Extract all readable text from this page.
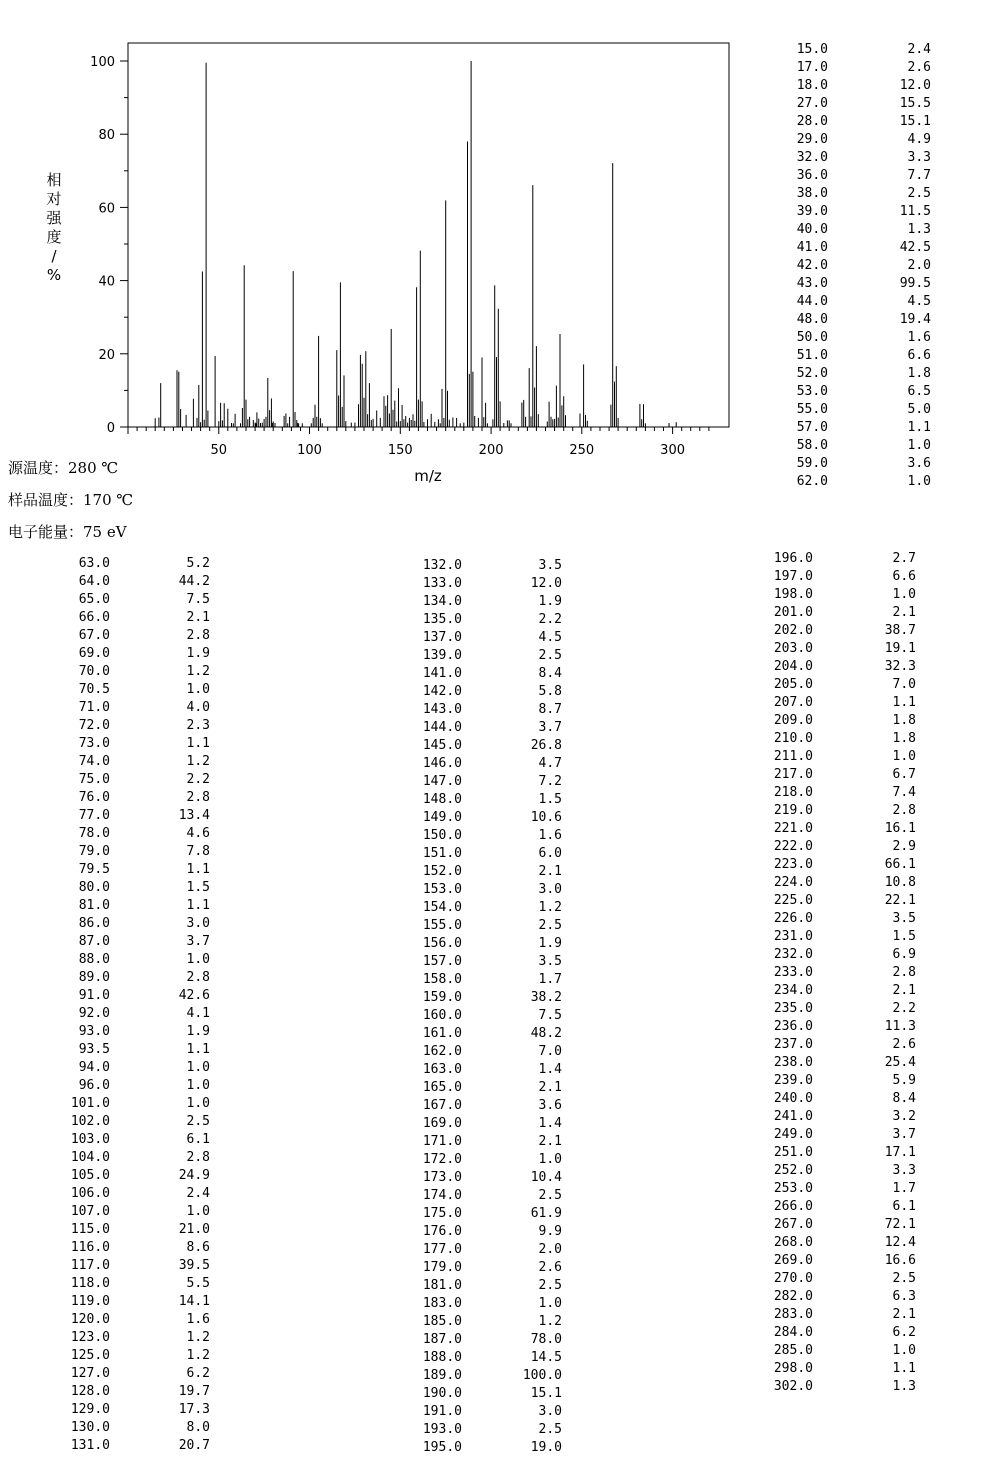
50	100	150	200	250	300
0
20
40
60
80
100
m/z
相对强度/ %
源温度：280 ℃
样品温度：170 ℃
电子能量：75 eV
15.0	2.4
17.0	2.6
18.0	12.0
27.0	15.5
28.0	15.1
29.0	4.9
32.0	3.3
36.0	7.7
38.0	2.5
39.0	11.5
40.0	1.3
41.0	42.5
42.0	2.0
43.0	99.5
44.0	4.5
48.0	19.4
50.0	1.6
51.0	6.6
52.0	1.8
53.0	6.5
55.0	5.0
57.0	1.1
58.0	1.0
59.0	3.6
62.0	1.0
63.0	5.2
64.0	44.2
65.0	7.5
66.0	2.1
67.0	2.8
69.0	1.9
70.0	1.2
70.5	1.0
71.0	4.0
72.0	2.3
73.0	1.1
74.0	1.2
75.0	2.2
76.0	2.8
77.0	13.4
78.0	4.6
79.0	7.8
79.5	1.1
80.0	1.5
81.0	1.1
86.0	3.0
87.0	3.7
88.0	1.0
89.0	2.8
91.0	42.6
92.0	4.1
93.0	1.9
93.5	1.1
94.0	1.0
96.0	1.0
101.0	1.0
102.0	2.5
103.0	6.1
104.0	2.8
105.0	24.9
106.0	2.4
107.0	1.0
115.0	21.0
116.0	8.6
117.0	39.5
118.0	5.5
119.0	14.1
120.0	1.6
123.0	1.2
125.0	1.2
127.0	6.2
128.0	19.7
129.0	17.3
130.0	8.0
131.0	20.7
132.0	3.5
133.0	12.0
134.0	1.9
135.0	2.2
137.0	4.5
139.0	2.5
141.0	8.4
142.0	5.8
143.0	8.7
144.0	3.7
145.0	26.8
146.0	4.7
147.0	7.2
148.0	1.5
149.0	10.6
150.0	1.6
151.0	6.0
152.0	2.1
153.0	3.0
154.0	1.2
155.0	2.5
156.0	1.9
157.0	3.5
158.0	1.7
159.0	38.2
160.0	7.5
161.0	48.2
162.0	7.0
163.0	1.4
165.0	2.1
167.0	3.6
169.0	1.4
171.0	2.1
172.0	1.0
173.0	10.4
174.0	2.5
175.0	61.9
176.0	9.9
177.0	2.0
179.0	2.6
181.0	2.5
183.0	1.0
185.0	1.2
187.0	78.0
188.0	14.5
189.0	100.0
190.0	15.1
191.0	3.0
193.0	2.5
195.0	19.0
196.0	2.7
197.0	6.6
198.0	1.0
201.0	2.1
202.0	38.7
203.0	19.1
204.0	32.3
205.0	7.0
207.0	1.1
209.0	1.8
210.0	1.8
211.0	1.0
217.0	6.7
218.0	7.4
219.0	2.8
221.0	16.1
222.0	2.9
223.0	66.1
224.0	10.8
225.0	22.1
226.0	3.5
231.0	1.5
232.0	6.9
233.0	2.8
234.0	2.1
235.0	2.2
236.0	11.3
237.0	2.6
238.0	25.4
239.0	5.9
240.0	8.4
241.0	3.2
249.0	3.7
251.0	17.1
252.0	3.3
253.0	1.7
266.0	6.1
267.0	72.1
268.0	12.4
269.0	16.6
270.0	2.5
282.0	6.3
283.0	2.1
284.0	6.2
285.0	1.0
298.0	1.1
302.0	1.3
